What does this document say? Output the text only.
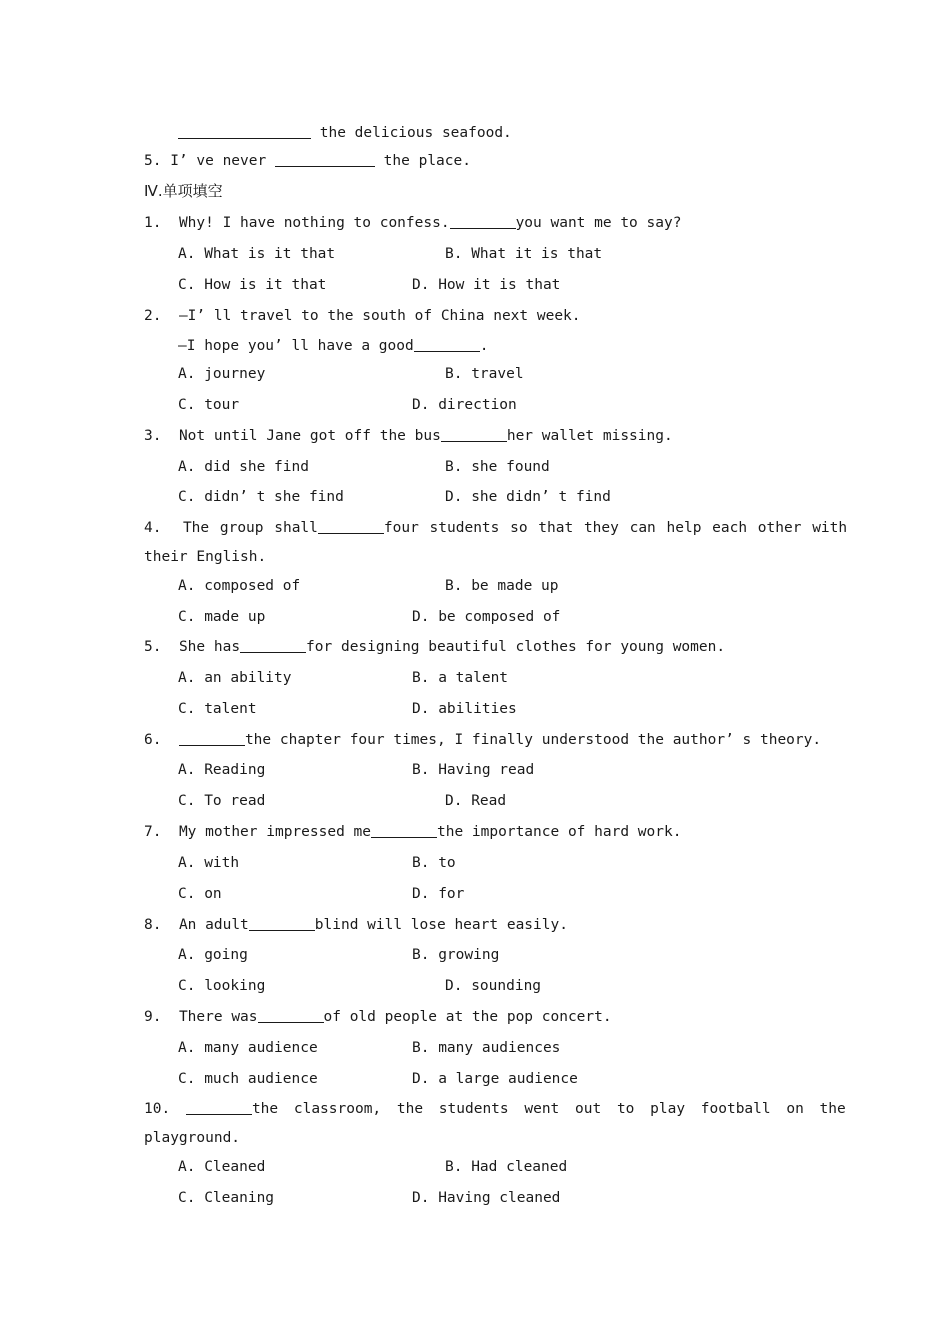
the delicious seafood.
5. I’ ve never	the place.
Ⅳ.单项填空
1. Why! I have nothing to confess.	you want me to say?
A. What is it that	B. What it is that
C. How is it that	D. How it is that
2. —I’ ll travel to the south of China next week.
—I hope you’ ll have a good	.
A. journey	B. travel
C. tour	D. direction
3. Not until Jane got off the bus	her wallet missing.
A. did she find	B. she found
C. didn’ t she find	D. she didn’ t find
4. The group shall	four students so that they can help each other with
their English.
A. composed of	B. be made up
C. made up	D. be composed of
5. She has	for designing beautiful clothes for young women.
A. an ability	B. a talent
C. talent	D. abilities
6.	the chapter four times, I finally understood the author’ s theory.
A. Reading	B. Having read
C. To read	D. Read
7. My mother impressed me	the importance of hard work.
A. with	B. to
C. on	D. for
8. An adult	blind will lose heart easily.
A. going	B. growing
C. looking	D. sounding
9. There was	of old people at the pop concert.
A. many audience	B. many audiences
C. much audience	D. a large audience
10.	the classroom, the students went out to play football on the
playground.
A. Cleaned	B. Had cleaned
C. Cleaning	D. Having cleaned
